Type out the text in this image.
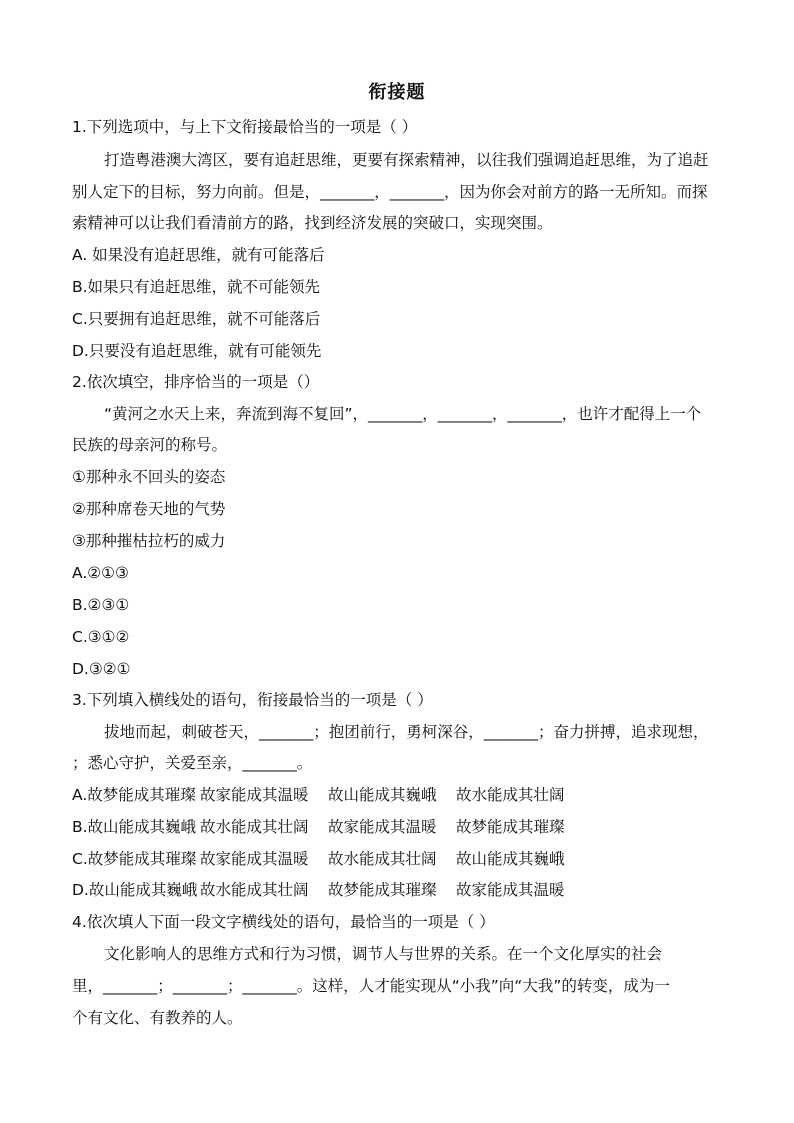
衔接题
1.下列选项中，与上下文衔接最恰当的一项是（ ）
打造粤港澳大湾区，要有追赶思维，更要有探索精神，以往我们强调追赶思维，为了追赶
别人定下的目标，努力向前。但是，_______，_______，因为你会对前方的路一无所知。而探
索精神可以让我们看清前方的路，找到经济发展的突破口，实现突围。
A. 如果没有追赶思维，就有可能落后
B.如果只有追赶思维，就不可能领先
C.只要拥有追赶思维，就不可能落后
D.只要没有追赶思维，就有可能领先
2.依次填空，排序恰当的一项是（）
“黄河之水天上来，奔流到海不复回”，_______，_______，_______，也许才配得上一个
民族的母亲河的称号。
①那种永不回头的姿态
②那种席卷天地的气势
③那种摧枯拉朽的威力
A.②①③
B.②③①
C.③①②
D.③②①
3.下列填入横线处的语句，衔接最恰当的一项是（ ）
拔地而起，刺破苍天，_______；抱团前行，勇柯深谷，_______；奋力拼搏，追求现想，
；悉心守护，关爱至亲，_______。
A.故梦能成其璀璨 故家能成其温暖 故山能成其巍峨 故水能成其壮阔
B.故山能成其巍峨 故水能成其壮阔 故家能成其温暖 故梦能成其璀璨
C.故梦能成其璀璨 故家能成其温暖 故水能成其壮阔 故山能成其巍峨
D.故山能成其巍峨 故水能成其壮阔 故梦能成其璀璨 故家能成其温暖
4.依次填人下面一段文字横线处的语句，最恰当的一项是（ ）
文化影响人的思维方式和行为习惯，调节人与世界的关系。在一个文化厚实的社会
里，_______；_______；_______。这样，人才能实现从“小我”向“大我”的转变，成为一
个有文化、有教养的人。
